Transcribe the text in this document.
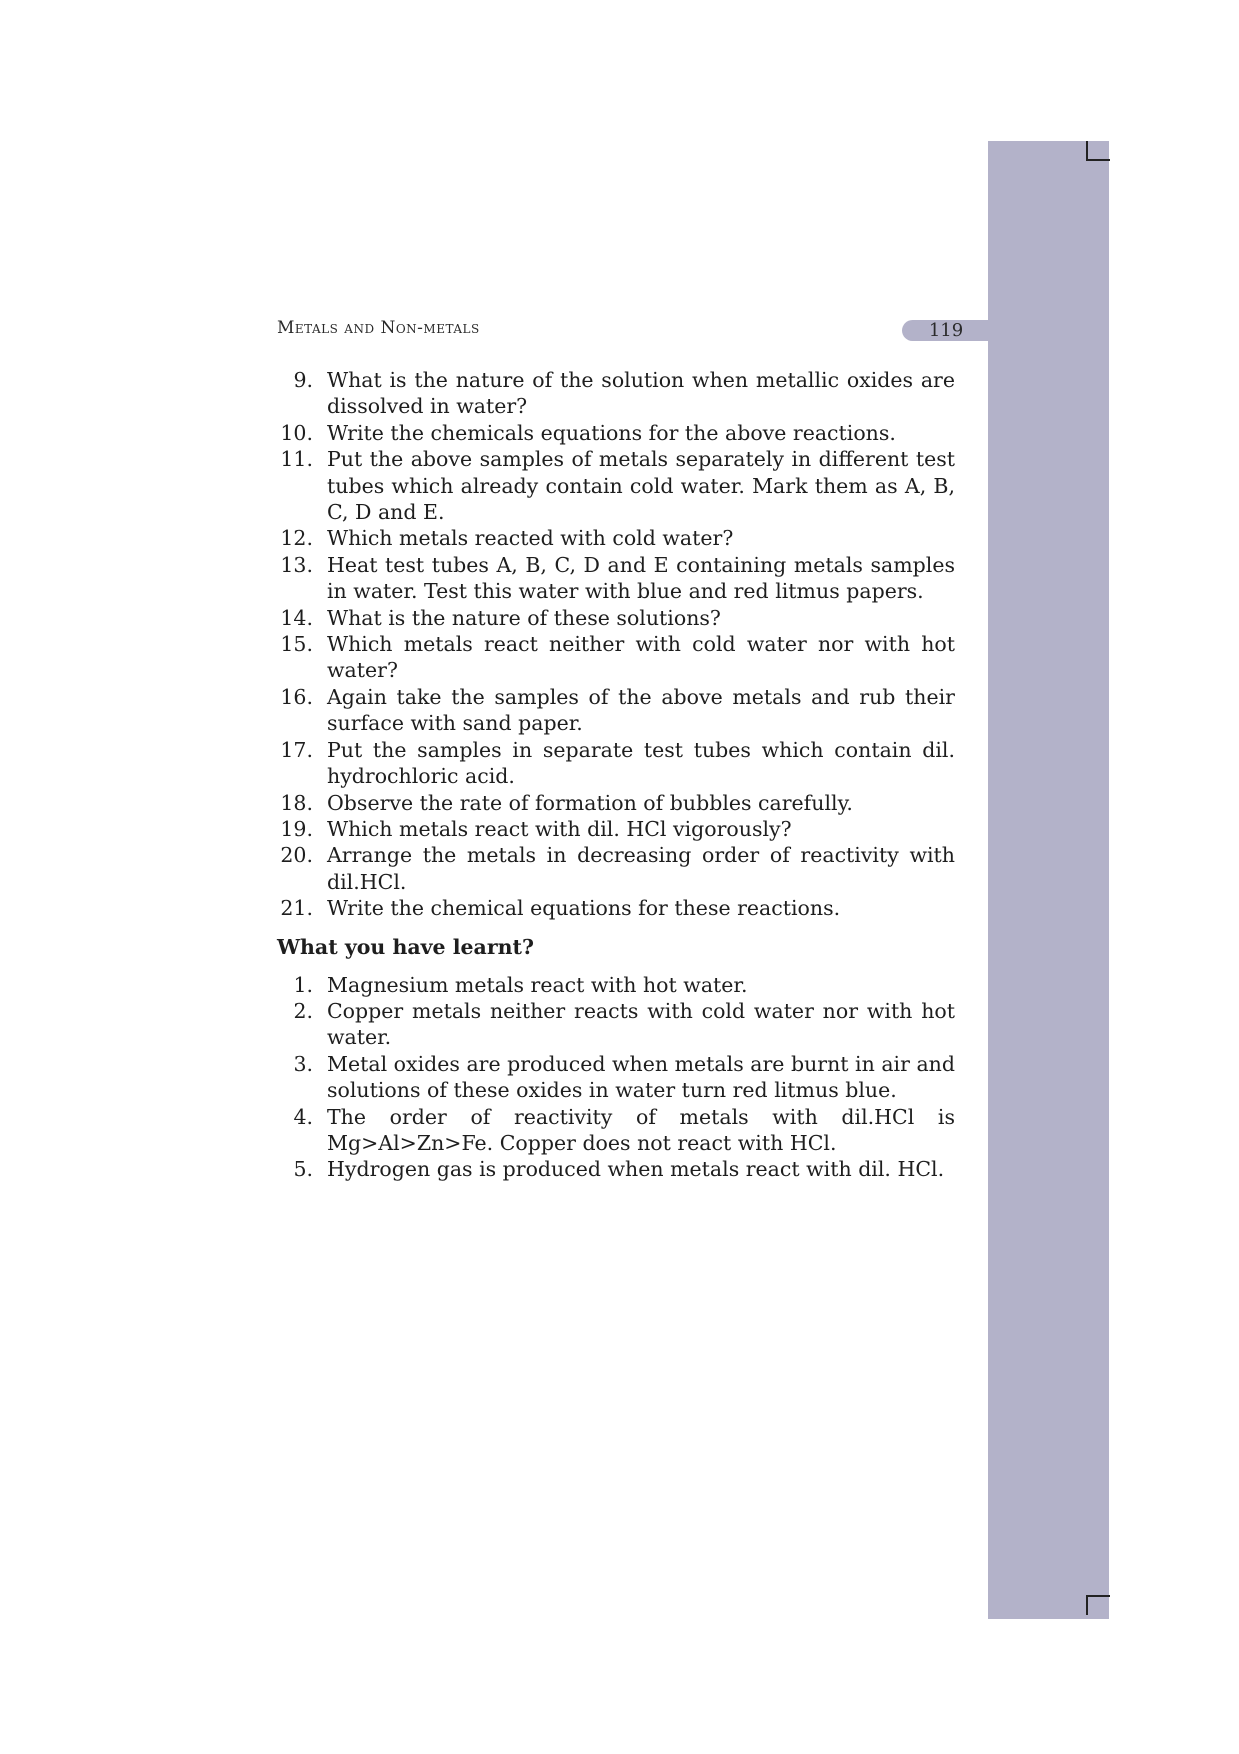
Metals and Non-metals	119
9. What is the nature of the solution when metallic oxides are dissolved in water?
10. Write the chemicals equations for the above reactions.
11. Put the above samples of metals separately in different test tubes which already contain cold water. Mark them as A, B, C, D and E.
12. Which metals reacted with cold water?
13. Heat test tubes A, B, C, D and E containing metals samples in water. Test this water with blue and red litmus papers.
14. What is the nature of these solutions?
15. Which metals react neither with cold water nor with hot water?
16. Again take the samples of the above metals and rub their surface with sand paper.
17. Put the samples in separate test tubes which contain dil. hydrochloric acid.
18. Observe the rate of formation of bubbles carefully.
19. Which metals react with dil. HCl vigorously?
20. Arrange the metals in decreasing order of reactivity with dil.HCl.
21. Write the chemical equations for these reactions.
What you have learnt?
1. Magnesium metals react with hot water.
2. Copper metals neither reacts with cold water nor with hot water.
3. Metal oxides are produced when metals are burnt in air and solutions of these oxides in water turn red litmus blue.
4. The order of reactivity of metals with dil.HCl is Mg>Al>Zn>Fe. Copper does not react with HCl.
5. Hydrogen gas is produced when metals react with dil. HCl.
